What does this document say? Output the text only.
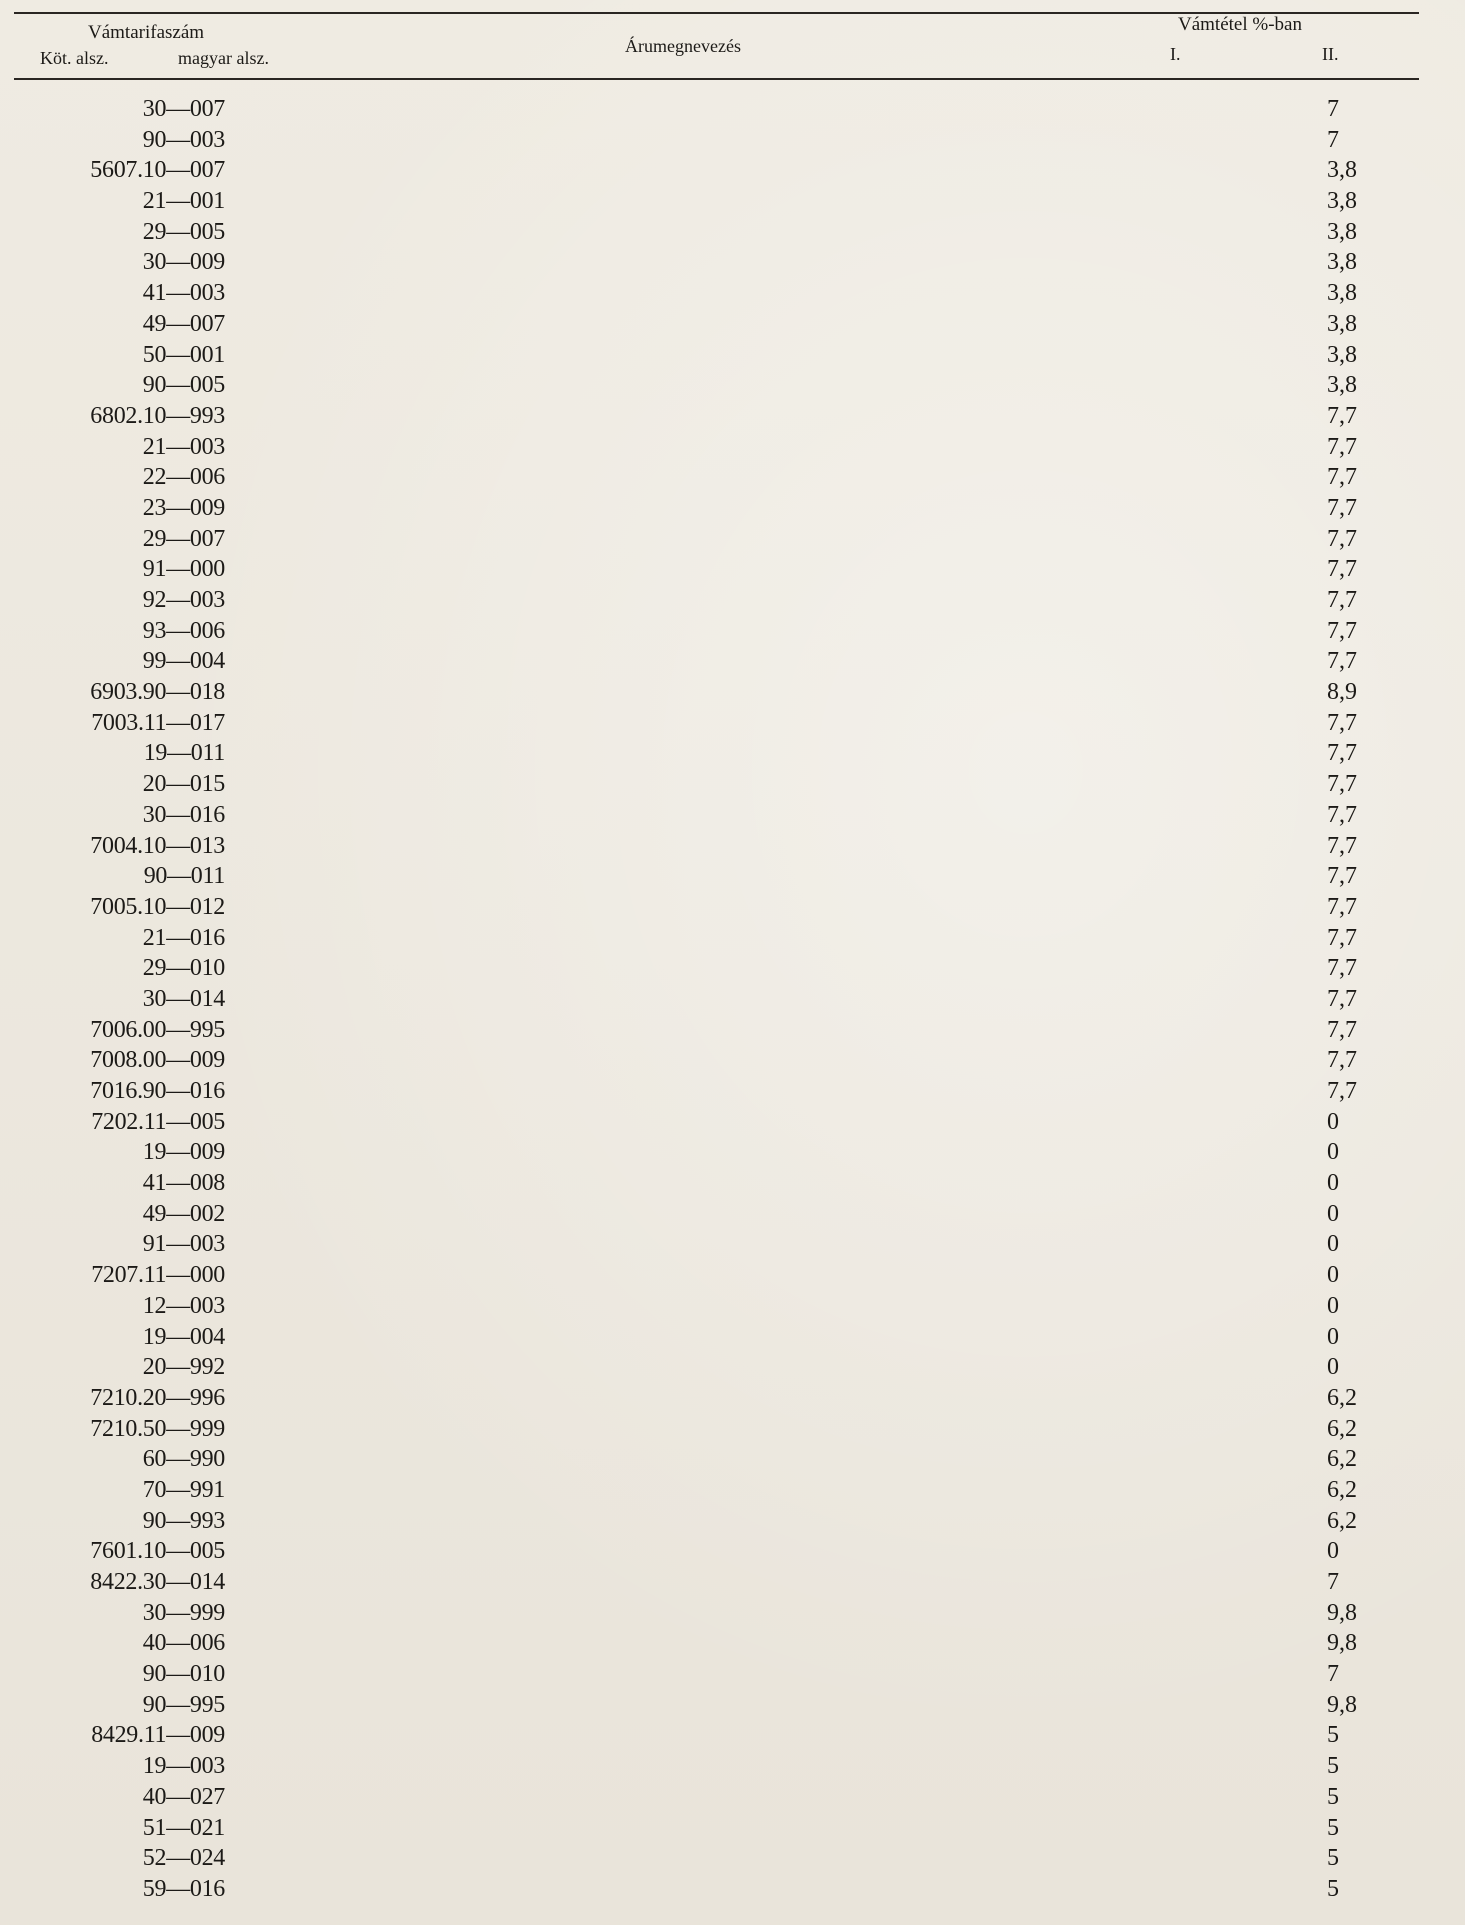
Vámtarifaszám
Köt. alsz.	magyar alsz.
Árumegnevezés
Vámtétel %-ban
I.	II.
30—007	7
90—003	7
5607.10—007	3,8
21—001	3,8
29—005	3,8
30—009	3,8
41—003	3,8
49—007	3,8
50—001	3,8
90—005	3,8
6802.10—993	7,7
21—003	7,7
22—006	7,7
23—009	7,7
29—007	7,7
91—000	7,7
92—003	7,7
93—006	7,7
99—004	7,7
6903.90—018	8,9
7003.11—017	7,7
19—011	7,7
20—015	7,7
30—016	7,7
7004.10—013	7,7
90—011	7,7
7005.10—012	7,7
21—016	7,7
29—010	7,7
30—014	7,7
7006.00—995	7,7
7008.00—009	7,7
7016.90—016	7,7
7202.11—005	0
19—009	0
41—008	0
49—002	0
91—003	0
7207.11—000	0
12—003	0
19—004	0
20—992	0
7210.20—996	6,2
7210.50—999	6,2
60—990	6,2
70—991	6,2
90—993	6,2
7601.10—005	0
8422.30—014	7
30—999	9,8
40—006	9,8
90—010	7
90—995	9,8
8429.11—009	5
19—003	5
40—027	5
51—021	5
52—024	5
59—016	5
